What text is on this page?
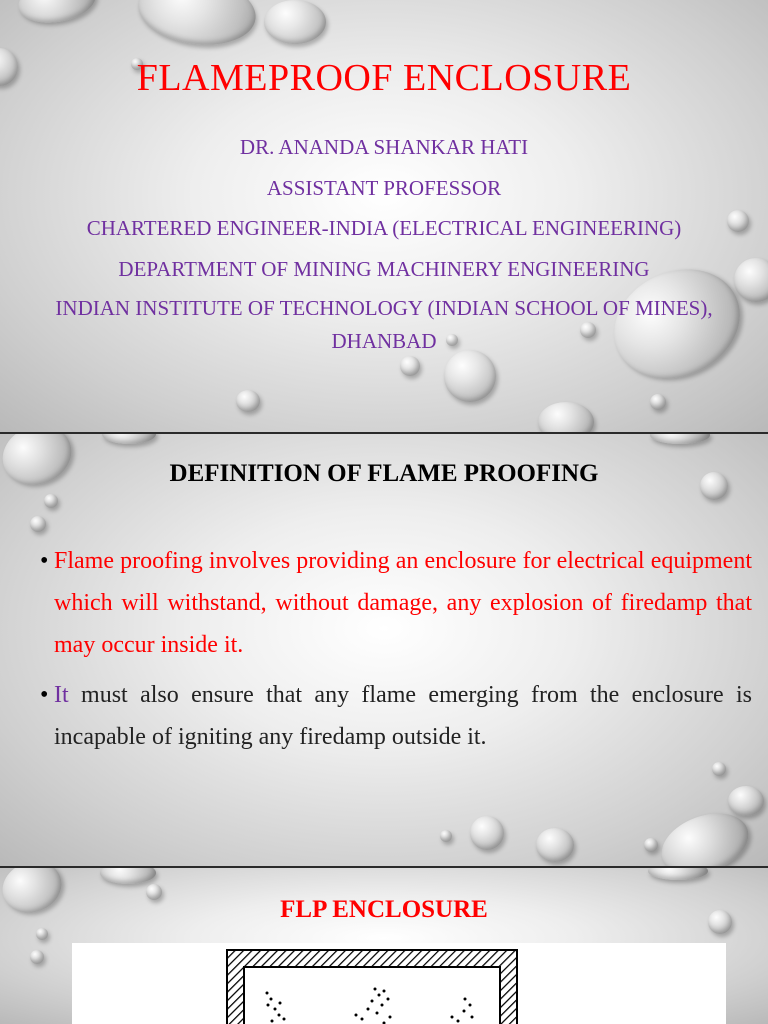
FLAMEPROOF ENCLOSURE
DR. ANANDA SHANKAR HATI
ASSISTANT PROFESSOR
CHARTERED ENGINEER-INDIA (ELECTRICAL ENGINEERING)
DEPARTMENT OF MINING MACHINERY ENGINEERING
INDIAN INSTITUTE OF TECHNOLOGY (INDIAN SCHOOL OF MINES), DHANBAD
DEFINITION OF FLAME PROOFING
• Flame proofing involves providing an enclosure for electrical equipment which will withstand, without damage, any explosion of firedamp that may occur inside it.
• It must also ensure that any flame emerging from the enclosure is incapable of igniting any firedamp outside it.
FLP ENCLOSURE
